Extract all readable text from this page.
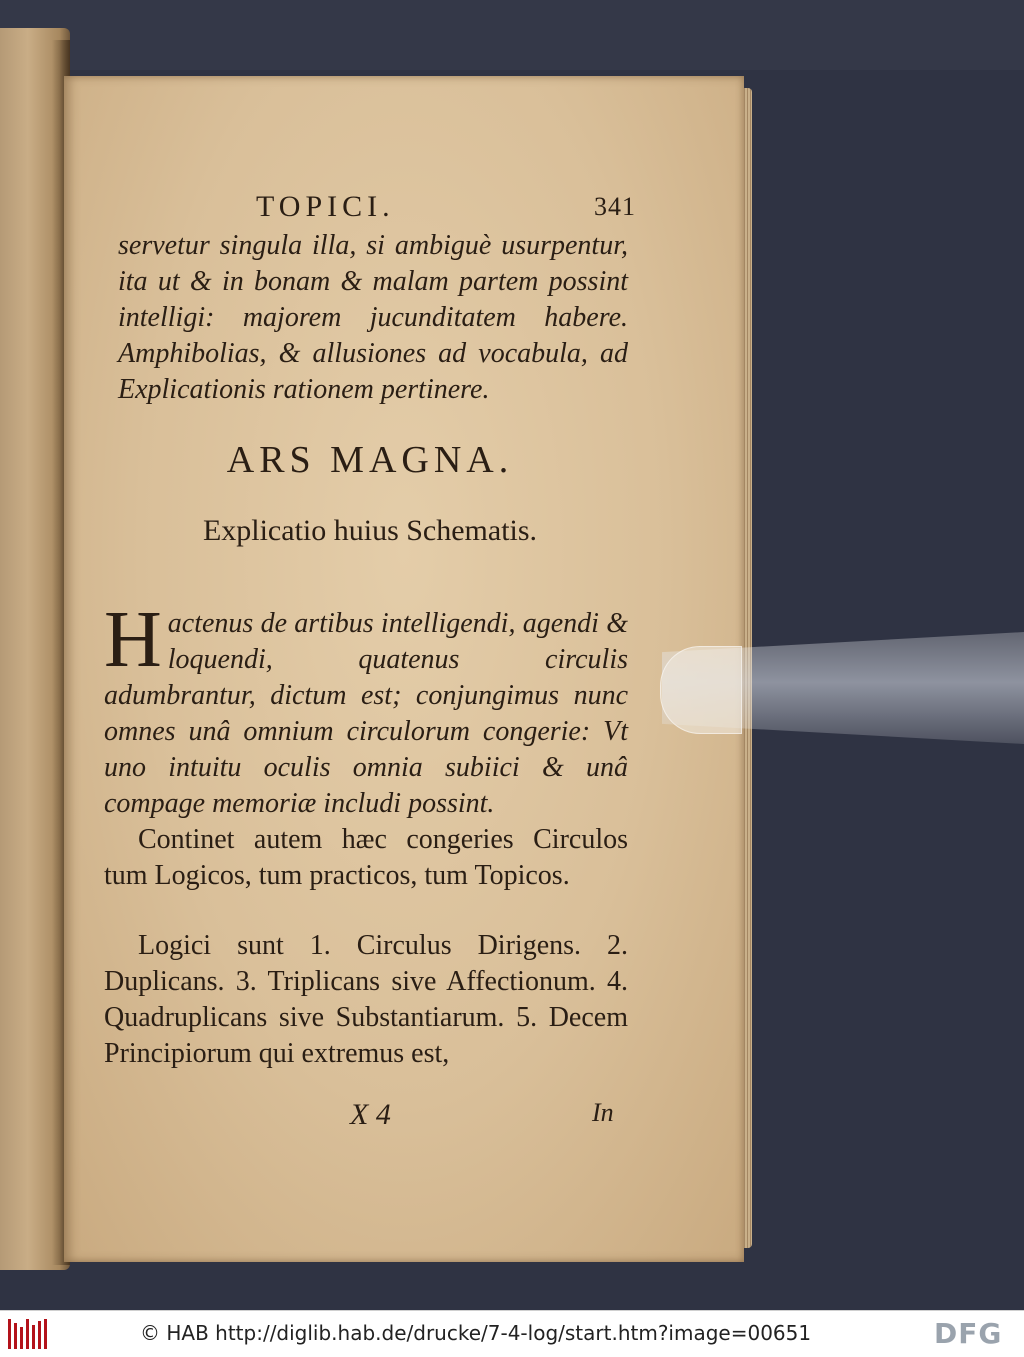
TOPICI.	341
servetur singula illa, si ambiguè usurpentur, ita ut & in bonam & malam partem possint intelligi: majorem jucunditatem habere. Amphibolias, & allusiones ad vocabula, ad Explicationis rationem pertinere.
ARS MAGNA.
Explicatio huius Schematis.
H actenus de artibus intelligendi, agendi & loquendi, quatenus circulis adumbrantur, dictum est; conjungimus nunc omnes unâ omnium circulorum congerie: Vt uno intuitu oculis omnia subiici & unâ compage memoriæ includi possint.
Continet autem hæc congeries Circulos tum Logicos, tum practicos, tum Topicos.
Logici sunt 1. Circulus Dirigens. 2. Duplicans. 3. Triplicans sive Affectionum. 4. Quadruplicans sive Substantiarum. 5. Decem Principiorum qui extremus est,
X 4	In
© HAB http://diglib.hab.de/drucke/7-4-log/start.htm?image=00651	DFG
